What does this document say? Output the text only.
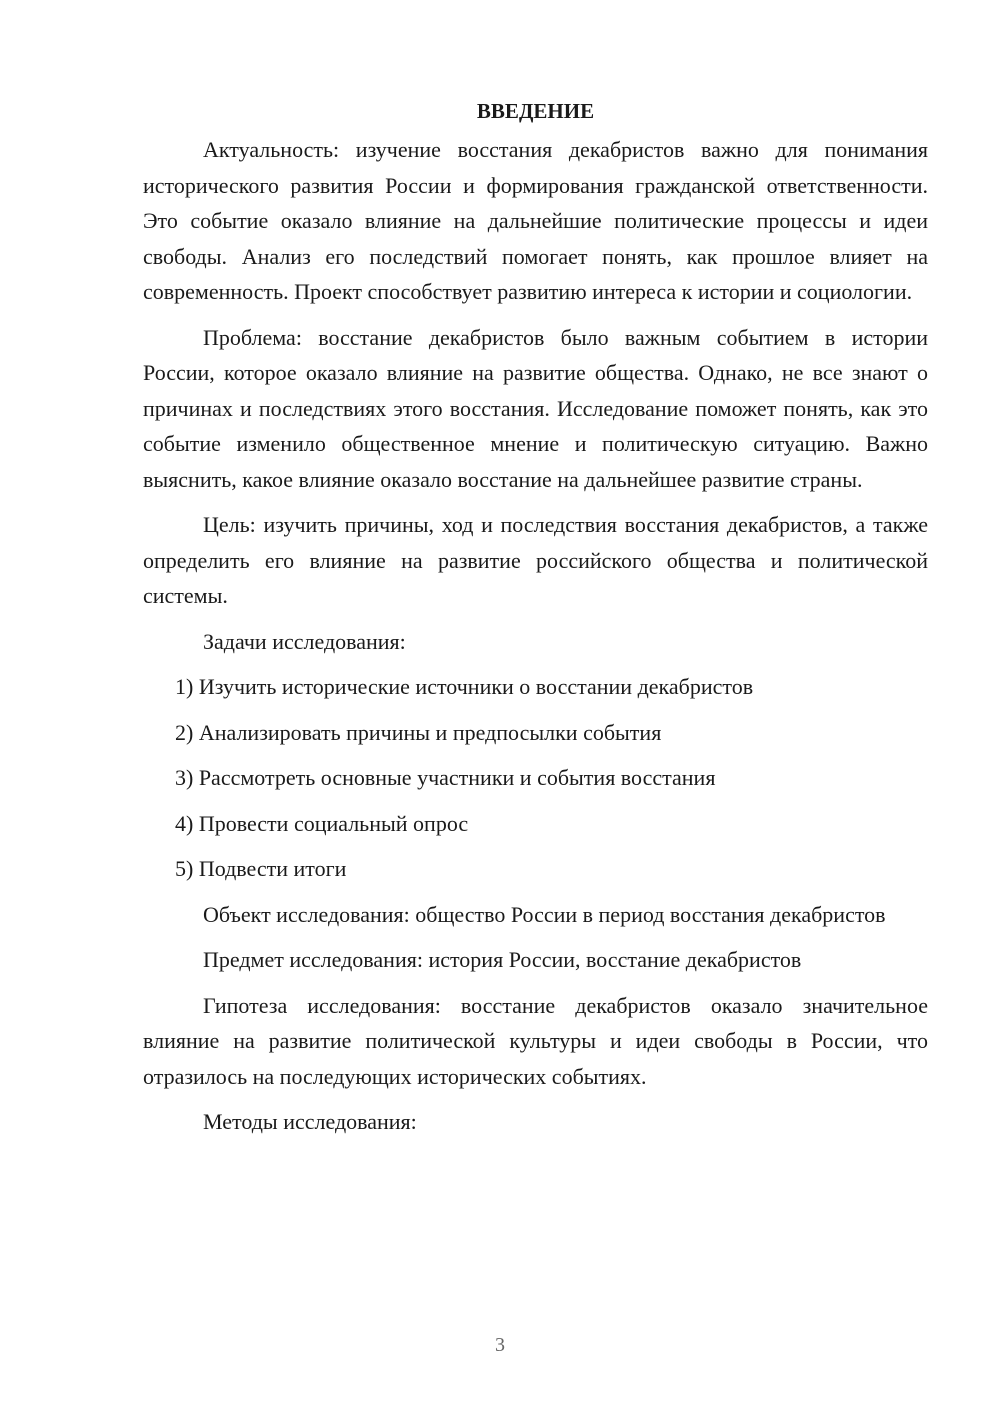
ВВЕДЕНИЕ

Актуальность: изучение восстания декабристов важно для понимания исторического развития России и формирования гражданской ответственности. Это событие оказало влияние на дальнейшие политические процессы и идеи свободы. Анализ его последствий помогает понять, как прошлое влияет на современность. Проект способствует развитию интереса к истории и социологии.

Проблема: восстание декабристов было важным событием в истории России, которое оказало влияние на развитие общества. Однако, не все знают о причинах и последствиях этого восстания. Исследование поможет понять, как это событие изменило общественное мнение и политическую ситуацию. Важно выяснить, какое влияние оказало восстание на дальнейшее развитие страны.

Цель: изучить причины, ход и последствия восстания декабристов, а также определить его влияние на развитие российского общества и политической системы.

Задачи исследования:

1) Изучить исторические источники о восстании декабристов
2) Анализировать причины и предпосылки события
3) Рассмотреть основные участники и события восстания
4) Провести социальный опрос
5) Подвести итоги

Объект исследования: общество России в период восстания декабристов

Предмет исследования: история России, восстание декабристов

Гипотеза исследования: восстание декабристов оказало значительное влияние на развитие политической культуры и идеи свободы в России, что отразилось на последующих исторических событиях.

Методы исследования:

3
